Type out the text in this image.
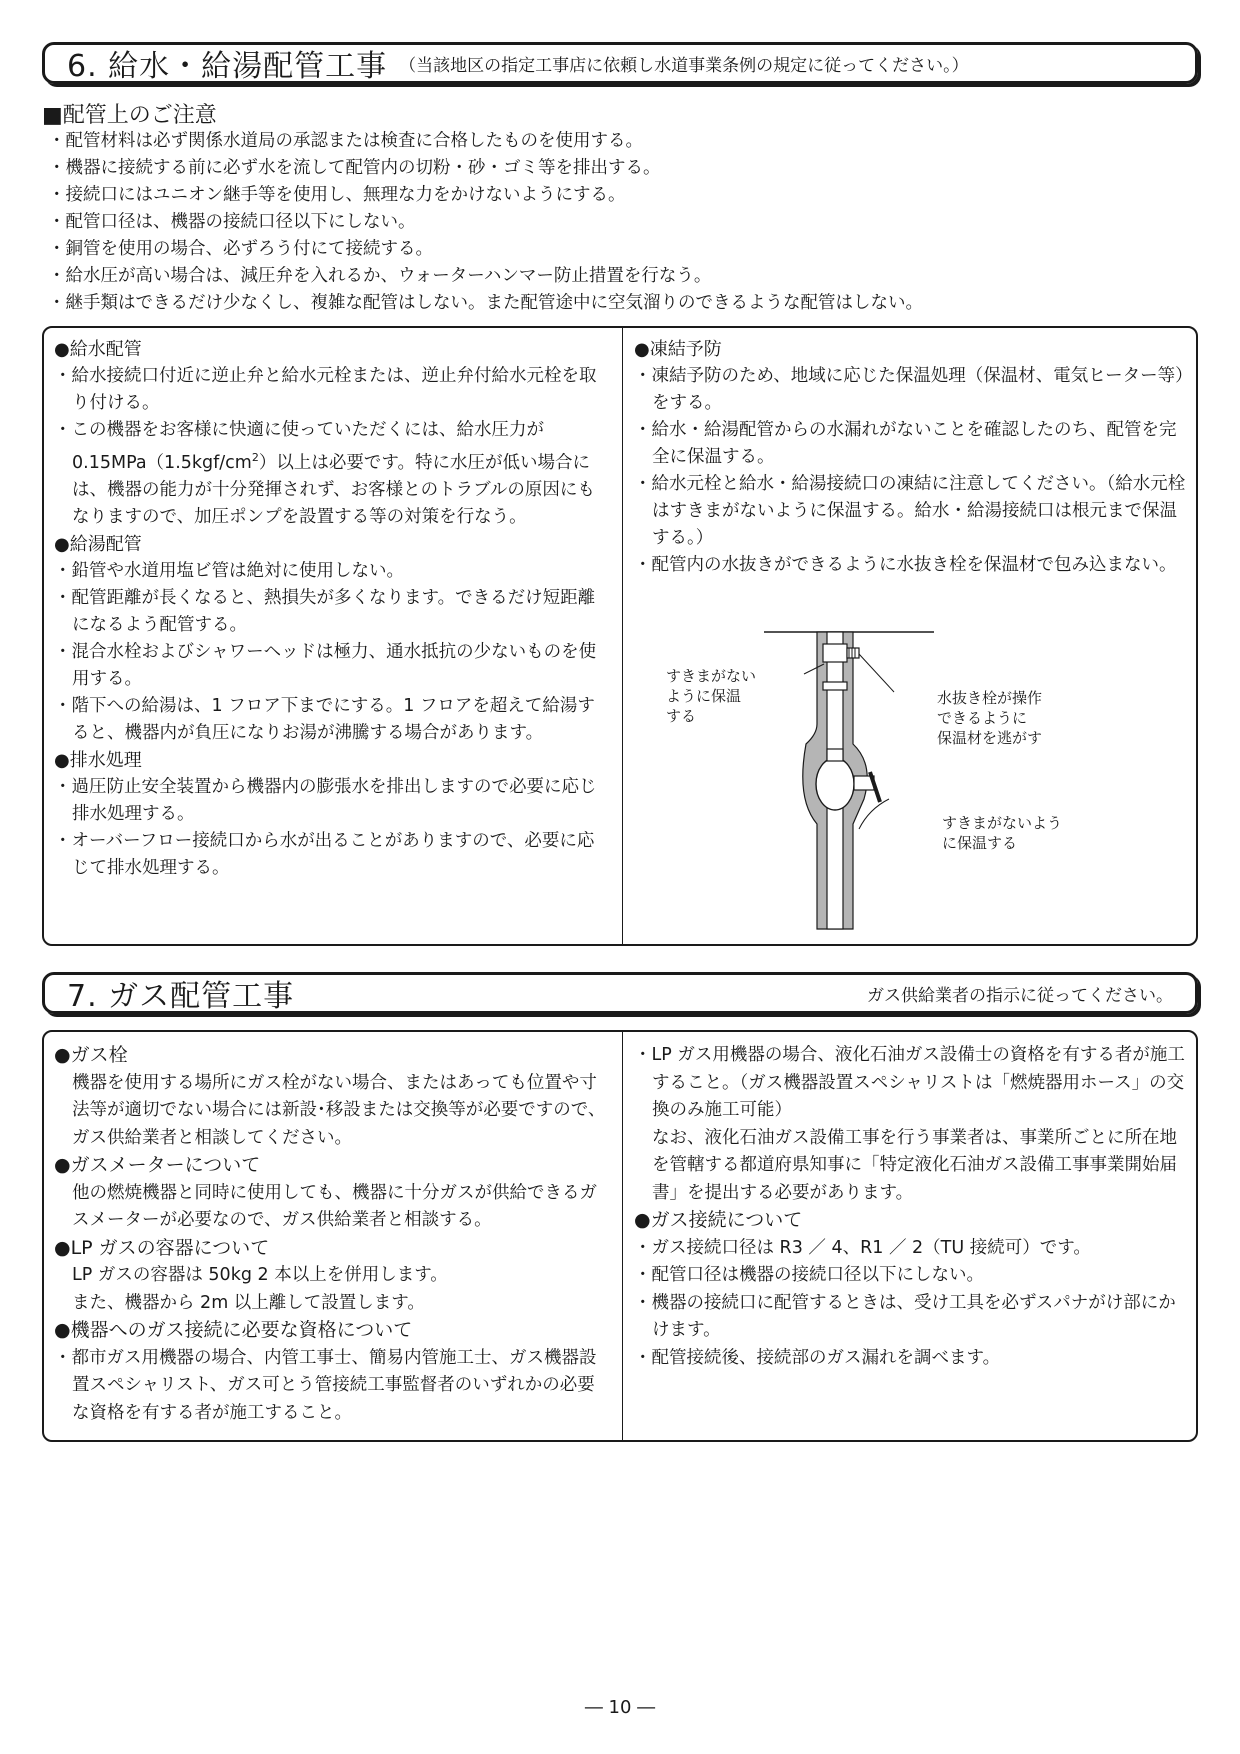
6. 給水・給湯配管工事 （当該地区の指定工事店に依頼し水道事業条例の規定に従ってください。）
■配管上のご注意
・配管材料は必ず関係水道局の承認または検査に合格したものを使用する。
・機器に接続する前に必ず水を流して配管内の切粉・砂・ゴミ等を排出する。
・接続口にはユニオン継手等を使用し、無理な力をかけないようにする。
・配管口径は、機器の接続口径以下にしない。
・銅管を使用の場合、必ずろう付にて接続する。
・給水圧が高い場合は、減圧弁を入れるか、ウォーターハンマー防止措置を行なう。
・継手類はできるだけ少なくし、複雑な配管はしない。また配管途中に空気溜りのできるような配管はしない。
●給水配管
・給水接続口付近に逆止弁と給水元栓または、逆止弁付給水元栓を取り付ける。
・この機器をお客様に快適に使っていただくには、給水圧力が $0.15MPa(1.5kgf/cm^2)$以上は必要です。特に水圧が低い場合には、機器の能力が十分発揮されず、お客様とのトラブルの原因にもなりますので、加圧ポンプを設置する等の対策を行なう。
●給湯配管
・鉛管や水道用塩ビ管は絶対に使用しない。
・配管距離が長くなると、熱損失が多くなります。できるだけ短距離になるよう配管する。
・混合水栓およびシャワーヘッドは極力、通水抵抗の少ないものを使用する。
・階下への給湯は、1 フロア下までにする。1 フロアを超えて給湯すると、機器内が負圧になりお湯が沸騰する場合があります。
●排水処理
・過圧防止安全装置から機器内の膨張水を排出しますので必要に応じ排水処理する。
・オーバーフロー接続口から水が出ることがありますので、必要に応じて排水処理する。
●凍結予防
・凍結予防のため、地域に応じた保温処理（保温材、電気ヒーター等）をする。
・給水・給湯配管からの水漏れがないことを確認したのち、配管を完全に保温する。
・給水元栓と給水・給湯接続口の凍結に注意してください。（給水元栓はすきまがないように保温する。給水・給湯接続口は根元まで保温する。）
・配管内の水抜きができるように水抜き栓を保温材で包み込まない。
すきまがない
ように保温
する
水抜き栓が操作
できるように
保温材を逃がす
すきまがないよう
に保温する
7. ガス配管工事	ガス供給業者の指示に従ってください。
●ガス栓
機器を使用する場所にガス栓がない場合、またはあっても位置や寸法等が適切でない場合には新設･移設または交換等が必要ですので、ガス供給業者と相談してください。
●ガスメーターについて
他の燃焼機器と同時に使用しても、機器に十分ガスが供給できるガスメーターが必要なので、ガス供給業者と相談する。
●LP ガスの容器について
LP ガスの容器は 50kg 2 本以上を併用します。
また、機器から 2m 以上離して設置します。
●機器へのガス接続に必要な資格について
・都市ガス用機器の場合、内管工事士、簡易内管施工士、ガス機器設置スペシャリスト、ガス可とう管接続工事監督者のいずれかの必要な資格を有する者が施工すること。
・LP ガス用機器の場合、液化石油ガス設備士の資格を有する者が施工すること。（ガス機器設置スペシャリストは「燃焼器用ホース」の交換のみ施工可能）
なお、液化石油ガス設備工事を行う事業者は、事業所ごとに所在地を管轄する都道府県知事に「特定液化石油ガス設備工事事業開始届書」を提出する必要があります。
●ガス接続について
・ガス接続口径は R3 ／ 4、R1 ／ 2（TU 接続可）です。
・配管口径は機器の接続口径以下にしない。
・機器の接続口に配管するときは、受け工具を必ずスパナがけ部にかけます。
・配管接続後、接続部のガス漏れを調べます。
― 10 ―
